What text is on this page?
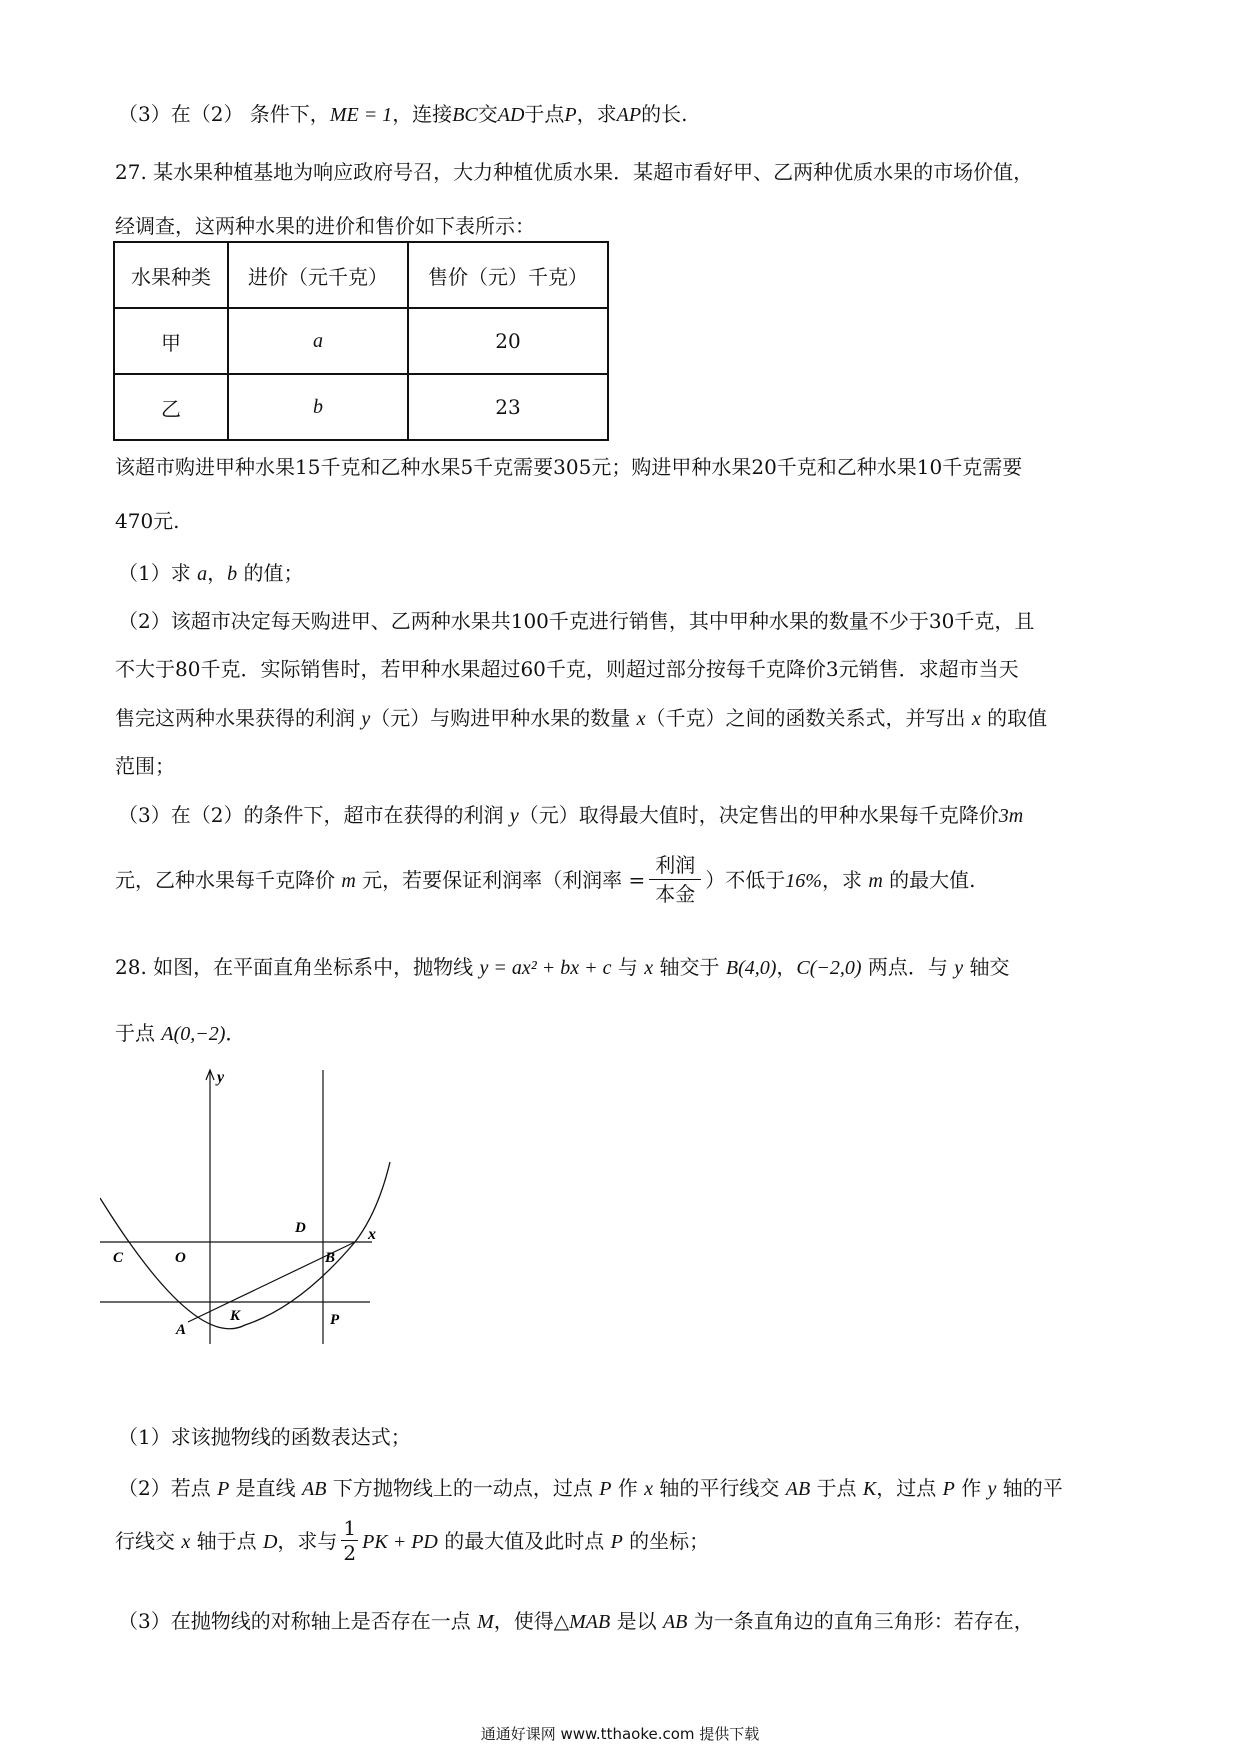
（3）在（2） 条件下，ME = 1，连接BC交AD于点P，求AP的长.
27. 某水果种植基地为响应政府号召，大力种植优质水果．某超市看好甲、乙两种优质水果的市场价值，
经调查，这两种水果的进价和售价如下表所示：
水果种类	进价（元千克）	售价（元）千克）
甲	a	20
乙	b	23
该超市购进甲种水果15千克和乙种水果5千克需要305元；购进甲种水果20千克和乙种水果10千克需要
470元.
（1）求 a，b 的值；
（2）该超市决定每天购进甲、乙两种水果共100千克进行销售，其中甲种水果的数量不少于30千克，且
不大于80千克．实际销售时，若甲种水果超过60千克，则超过部分按每千克降价3元销售．求超市当天
售完这两种水果获得的利润 y（元）与购进甲种水果的数量 x（千克）之间的函数关系式，并写出 x 的取值
范围；
（3）在（2）的条件下，超市在获得的利润 y（元）取得最大值时，决定售出的甲种水果每千克降价3m
元，乙种水果每千克降价 m 元，若要保证利润率（利润率 = $\frac{\text{利润}}{\text{本金}}$ ）不低于16%，求 m 的最大值.
28. 如图，在平面直角坐标系中，抛物线 y = ax² + bx + c 与 x 轴交于 B(4,0)，C(−2,0) 两点．与 y 轴交
于点 A(0,−2)．
y
x
O
C	B
D
A
K	P
（1）求该抛物线的函数表达式；
（2）若点 P 是直线 AB 下方抛物线上的一动点，过点 P 作 x 轴的平行线交 AB 于点 K，过点 P 作 y 轴的平
行线交 x 轴于点 D，求与 $\frac{1}{2}$ PK + PD 的最大值及此时点 P 的坐标；
（3）在抛物线的对称轴上是否存在一点 M，使得△MAB 是以 AB 为一条直角边的直角三角形：若存在，
通通好课网 www.tthaoke.com 提供下载
